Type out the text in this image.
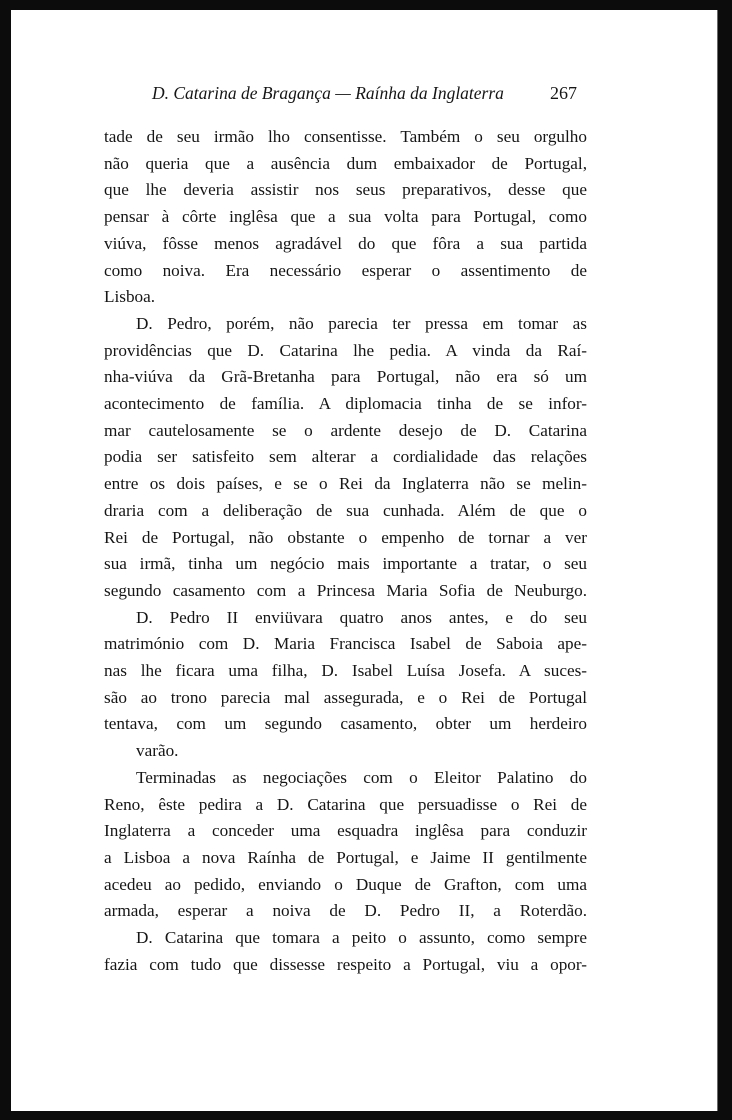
D. Catarina de Bragança — Raínha da Inglaterra	267

tade de seu irmão lho consentisse. Também o seu orgulhonão queria que a ausência dum embaixador de Portugal,que lhe deveria assistir nos seus preparativos, desse quepensar à côrte inglêsa que a sua volta para Portugal, comoviúva, fôsse menos agradável do que fôra a sua partidacomo noiva. Era necessário esperar o assentimento de
Lisboa.

D. Pedro, porém, não parecia ter pressa em tomar asprovidências que D. Catarina lhe pedia. A vinda da Raí-nha-viúva da Grã-Bretanha para Portugal, não era só umacontecimento de família. A diplomacia tinha de se infor-mar cautelosamente se o ardente desejo de D. Catarinapodia ser satisfeito sem alterar a cordialidade das relaçõesentre os dois países, e se o Rei da Inglaterra não se melin-draria com a deliberação de sua cunhada. Além de que oRei de Portugal, não obstante o empenho de tornar a versua irmã, tinha um negócio mais importante a tratar, o seusegundo casamento com a Princesa Maria Sofia de Neuburgo.

D. Pedro II enviüvara quatro anos antes, e do seumatrimónio com D. Maria Francisca Isabel de Saboia ape-nas lhe ficara uma filha, D. Isabel Luísa Josefa. A suces-são ao trono parecia mal assegurada, e o Rei de Portugaltentava, com um segundo casamento, obter um herdeiro
varão.

Terminadas as negociações com o Eleitor Palatino doReno, êste pedira a D. Catarina que persuadisse o Rei deInglaterra a conceder uma esquadra inglêsa para conduzira Lisboa a nova Raínha de Portugal, e Jaime II gentilmenteacedeu ao pedido, enviando o Duque de Grafton, com umaarmada, esperar a noiva de D. Pedro II, a Roterdão.

D. Catarina que tomara a peito o assunto, como semprefazia com tudo que dissesse respeito a Portugal, viu a opor-
